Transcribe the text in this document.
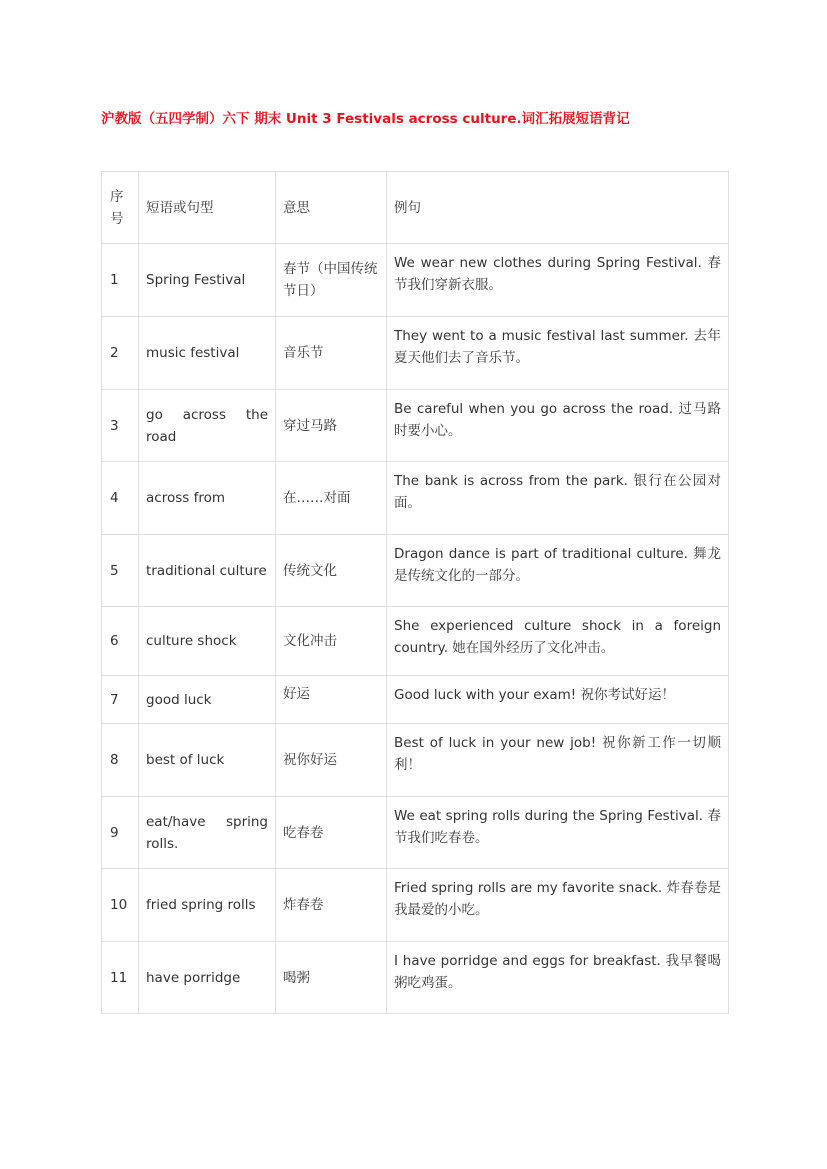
沪教版（五四学制）六下 期末 Unit 3 Festivals across culture.词汇拓展短语背记
序号	短语或句型	意思	例句
1	Spring Festival	春节（中国传统节日）	We wear new clothes during Spring Festival. 春节我们穿新衣服。
2	music festival	音乐节	They went to a music festival last summer. 去年夏天他们去了音乐节。
3	go across the road	穿过马路	Be careful when you go across the road. 过马路时要小心。
4	across from	在……对面	The bank is across from the park. 银行在公园对面。
5	traditional culture	传统文化	Dragon dance is part of traditional culture. 舞龙是传统文化的一部分。
6	culture shock	文化冲击	She experienced culture shock in a foreign country. 她在国外经历了文化冲击。
7	good luck	好运	Good luck with your exam! 祝你考试好运！
8	best of luck	祝你好运	Best of luck in your new job! 祝你新工作一切顺利！
9	eat/have spring rolls.	吃春卷	We eat spring rolls during the Spring Festival. 春节我们吃春卷。
10	fried spring rolls	炸春卷	Fried spring rolls are my favorite snack. 炸春卷是我最爱的小吃。
11	have porridge	喝粥	I have porridge and eggs for breakfast. 我早餐喝粥吃鸡蛋。
